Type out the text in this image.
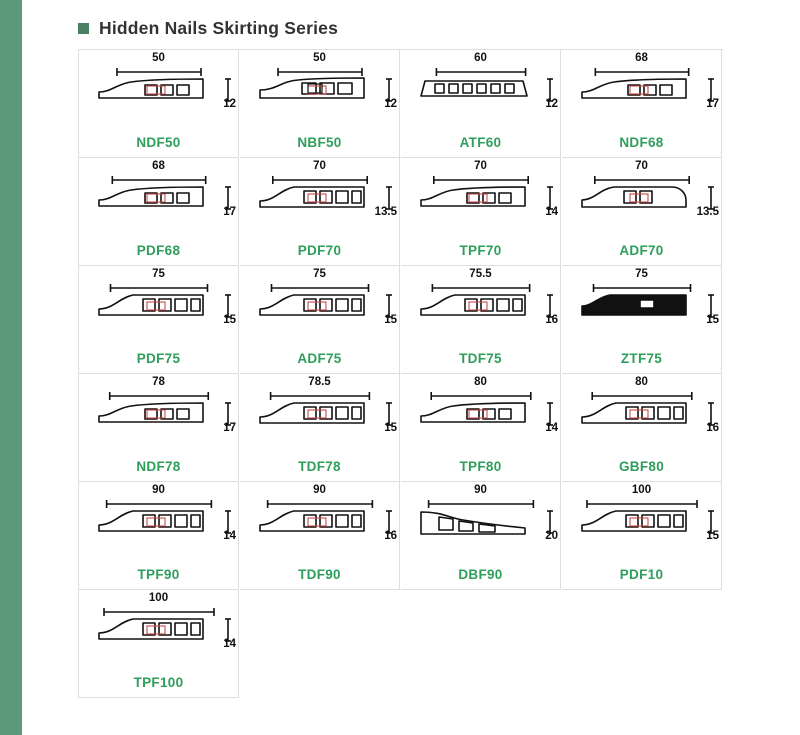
Hidden Nails Skirting Series
50
12
NDF50
50
12
NBF50
60
12
ATF60
68
17
NDF68
68
17
PDF68
70
13.5
PDF70
70
14
TPF70
70
13.5
ADF70
75
15
PDF75
75
15
ADF75
75.5
16
TDF75
75
15
ZTF75
78
17
NDF78
78.5
15
TDF78
80
14
TPF80
80
16
GBF80
90
14
TPF90
90
16
TDF90
90
20
DBF90
100
15
PDF10
100
14
TPF100
